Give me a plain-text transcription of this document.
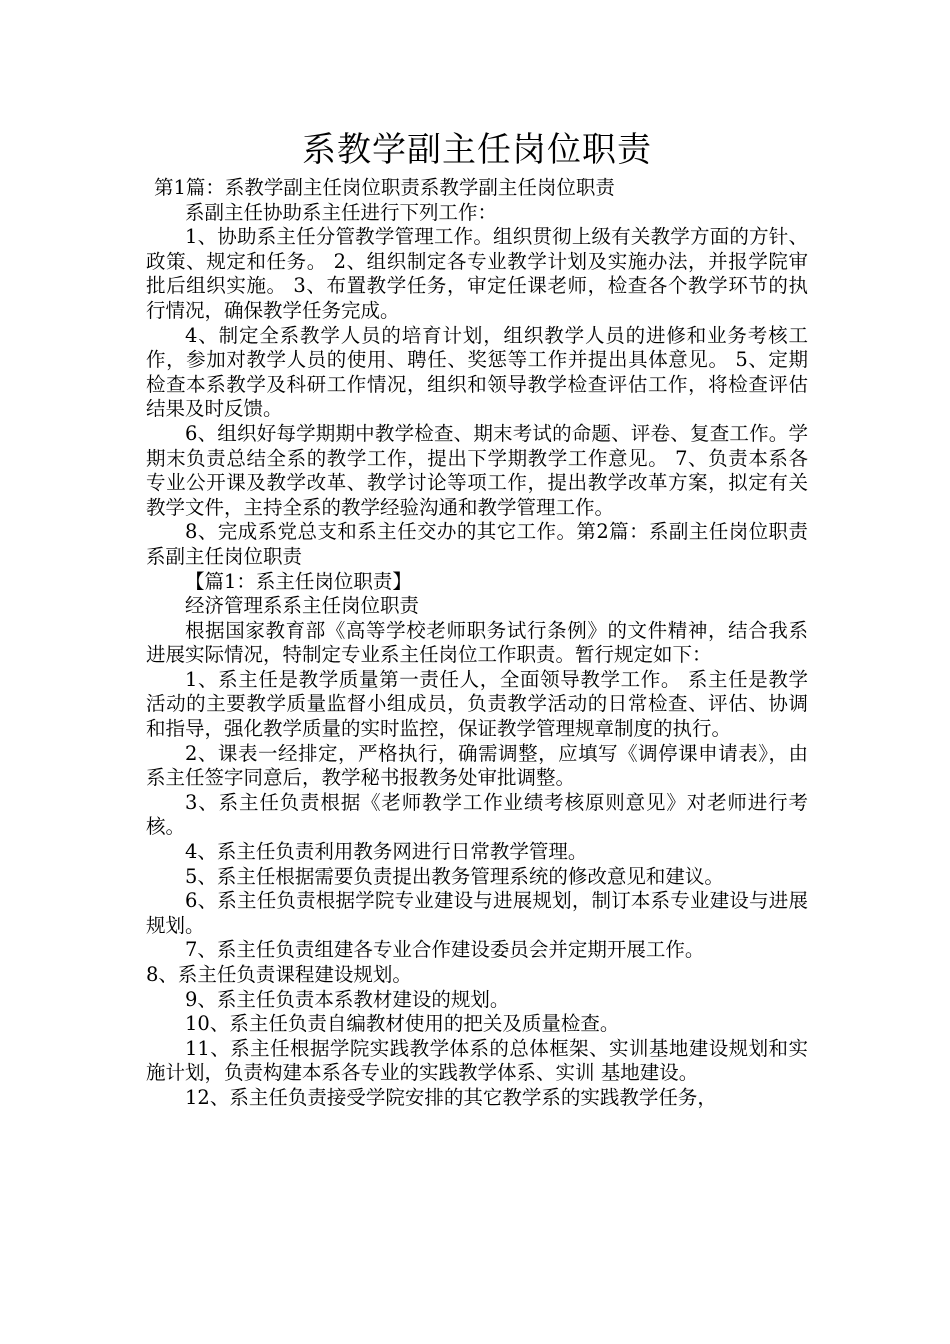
系教学副主任岗位职责

第1篇：系教学副主任岗位职责系教学副主任岗位职责

系副主任协助系主任进行下列工作：

1、协助系主任分管教学管理工作。组织贯彻上级有关教学方面的方针、政策、规定和任务。 2、组织制定各专业教学计划及实施办法，并报学院审批后组织实施。 3、布置教学任务，审定任课老师，检查各个教学环节的执行情况，确保教学任务完成。

4、制定全系教学人员的培育计划，组织教学人员的进修和业务考核工作，参加对教学人员的使用、聘任、奖惩等工作并提出具体意见。 5、定期检查本系教学及科研工作情况，组织和领导教学检查评估工作，将检查评估结果及时反馈。

6、组织好每学期期中教学检查、期末考试的命题、评卷、复查工作。学期末负责总结全系的教学工作，提出下学期教学工作意见。 7、负责本系各专业公开课及教学改革、教学讨论等项工作，提出教学改革方案，拟定有关教学文件，主持全系的教学经验沟通和教学管理工作。

8、完成系党总支和系主任交办的其它工作。第2篇：系副主任岗位职责系副主任岗位职责

【篇1：系主任岗位职责】

经济管理系系主任岗位职责

根据国家教育部《高等学校老师职务试行条例》的文件精神，结合我系进展实际情况，特制定专业系主任岗位工作职责。暂行规定如下：

1、系主任是教学质量第一责任人，全面领导教学工作。 系主任是教学活动的主要教学质量监督小组成员，负责教学活动的日常检查、评估、协调和指导，强化教学质量的实时监控，保证教学管理规章制度的执行。

2、课表一经排定，严格执行，确需调整，应填写《调停课申请表》，由系主任签字同意后，教学秘书报教务处审批调整。

3、系主任负责根据《老师教学工作业绩考核原则意见》对老师进行考核。

4、系主任负责利用教务网进行日常教学管理。

5、系主任根据需要负责提出教务管理系统的修改意见和建议。

6、系主任负责根据学院专业建设与进展规划，制订本系专业建设与进展规划。

7、系主任负责组建各专业合作建设委员会并定期开展工作。

8、系主任负责课程建设规划。

9、系主任负责本系教材建设的规划。

10、系主任负责自编教材使用的把关及质量检查。

11、系主任根据学院实践教学体系的总体框架、实训基地建设规划和实施计划，负责构建本系各专业的实践教学体系、实训 基地建设。

12、系主任负责接受学院安排的其它教学系的实践教学任务，
